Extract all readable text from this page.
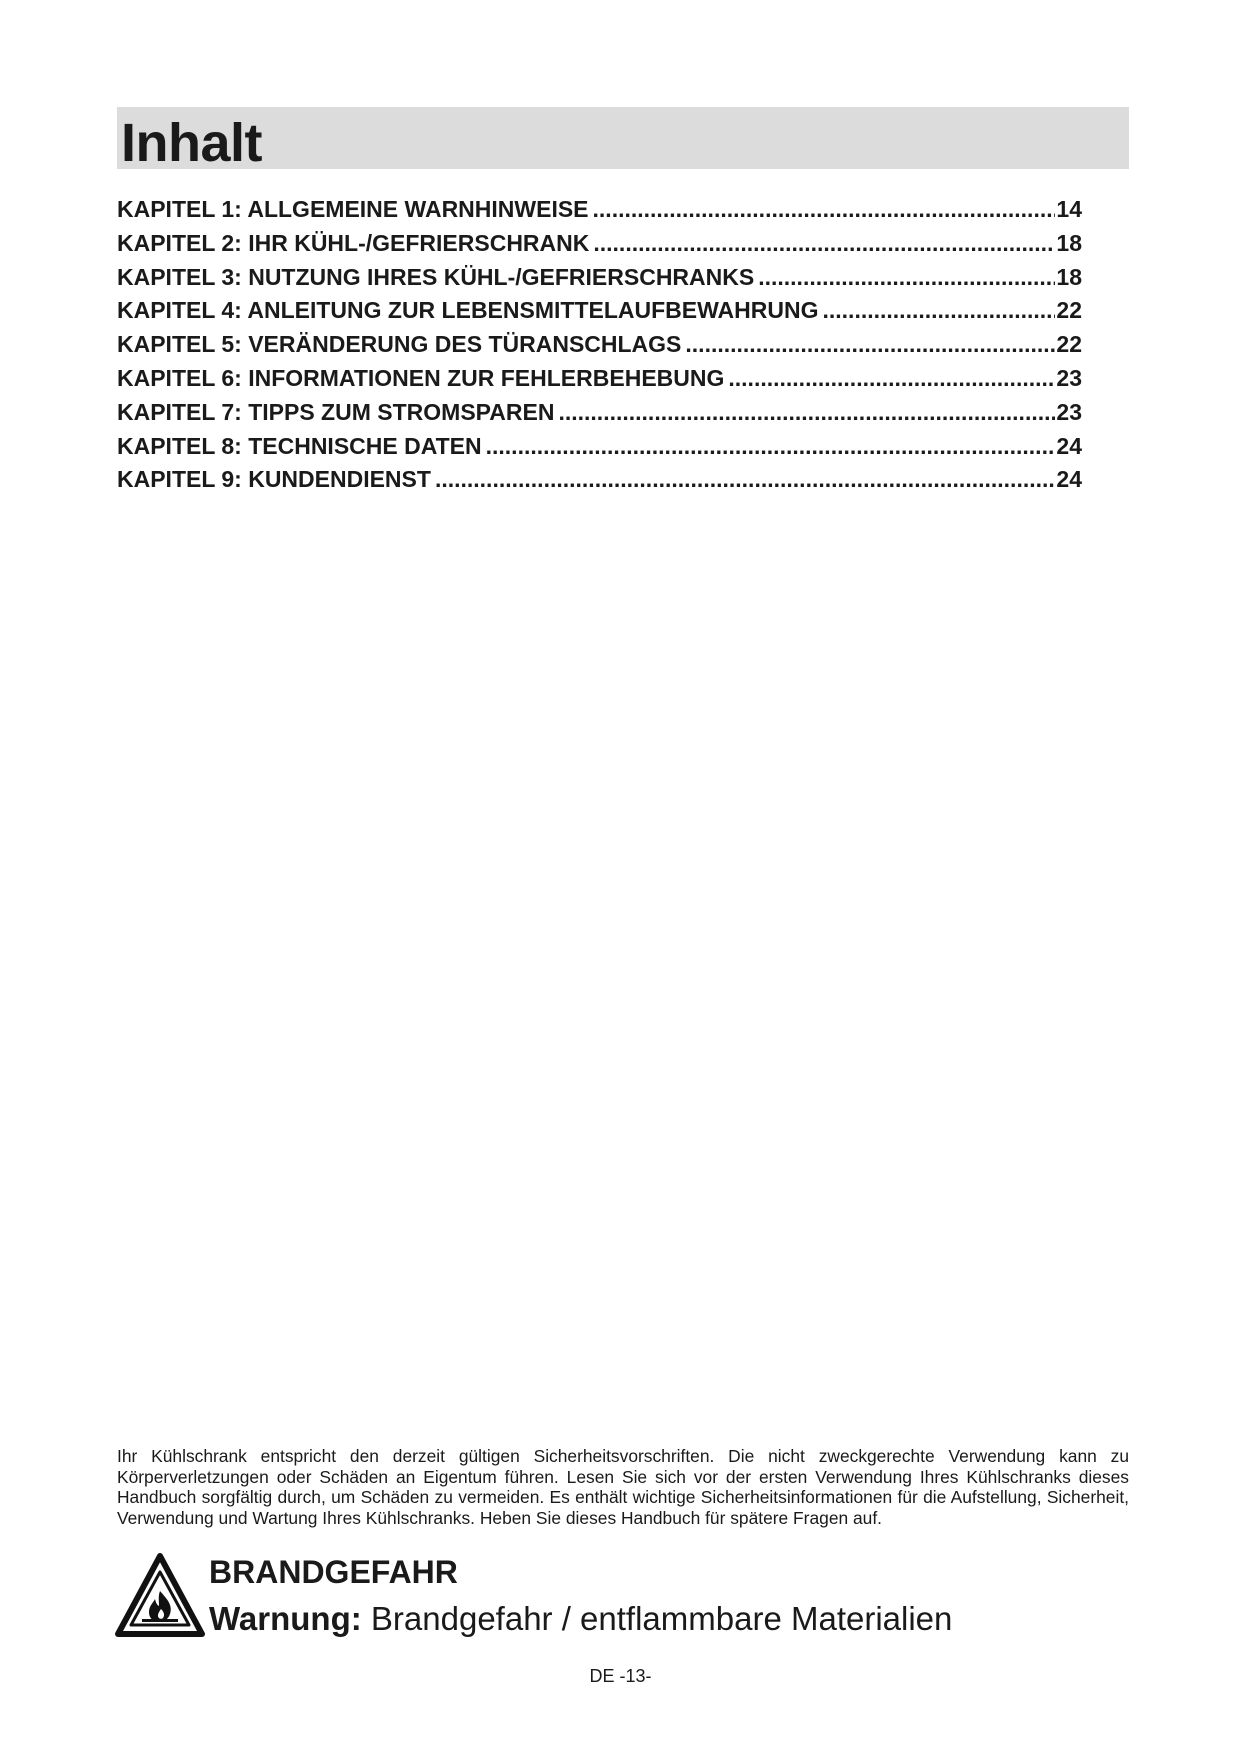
Inhalt
KAPITEL 1: ALLGEMEINE WARNHINWEISE .....	14
KAPITEL 2: IHR KÜHL-/GEFRIERSCHRANK .....	18
KAPITEL 3: NUTZUNG IHRES KÜHL-/GEFRIERSCHRANKS .....	18
KAPITEL 4: ANLEITUNG ZUR LEBENSMITTELAUFBEWAHRUNG .....	22
KAPITEL 5: VERÄNDERUNG DES TÜRANSCHLAGS .....	22
KAPITEL 6: INFORMATIONEN ZUR FEHLERBEHEBUNG .....	23
KAPITEL 7: TIPPS ZUM STROMSPAREN .....	23
KAPITEL 8: TECHNISCHE DATEN .....	24
KAPITEL 9: KUNDENDIENST .....	24
Ihr Kühlschrank entspricht den derzeit gültigen Sicherheitsvorschriften. Die nicht zweckgerechte Verwendung kann zu Körperverletzungen oder Schäden an Eigentum führen. Lesen Sie sich vor der ersten Verwendung Ihres Kühlschranks dieses Handbuch sorgfältig durch, um Schäden zu vermeiden. Es enthält wichtige Sicherheitsinformationen für die Aufstellung, Sicherheit, Verwendung und Wartung Ihres Kühlschranks. Heben Sie dieses Handbuch für spätere Fragen auf.
BRANDGEFAHR
Warnung: Brandgefahr / entflammbare Materialien
DE -13-
